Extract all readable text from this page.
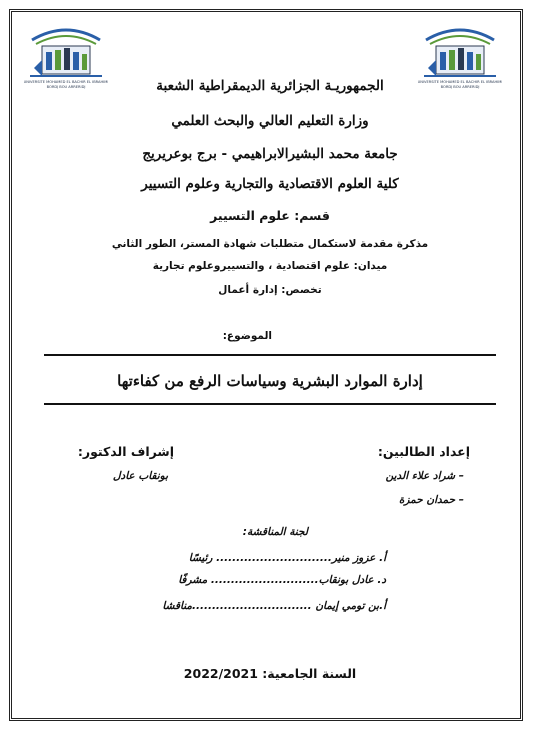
UNIVERSITE MOHAMED EL BACHIR EL IBRAHIMI
BORDJ BOU ARRERIDJ
UNIVERSITE MOHAMED EL BACHIR EL IBRAHIMI
BORDJ BOU ARRERIDJ
الجمهوريـة الجزائرية الديمقراطية الشعبة
وزارة التعليم العالي والبحث العلمي
جامعة محمد البشيرالابراهيمي - برج بوعريريج
كلية العلوم الاقتصادية والتجارية وعلوم التسيير
قسم: علوم التسيير
مذكرة مقدمة لاستكمال متطلبات شهادة المستر، الطور الثاني
ميدان: علوم اقتصادية ، والتسييروعلوم تجارية
تخصص: إدارة أعمال
الموضوع:
إدارة الموارد البشرية وسياسات الرفع من كفاءتها
إعداد الطالبين:
– شراد علاء الدين
– حمدان حمزة
إشراف الدكتور:
بونقاب عادل
لجنة المناقشة:
أ. عزوز منير............................. رئيسًا
د. عادل بونقاب........................... مشرفًا
أ.بن تومي إيمان ..............................مناقشا
السنة الجامعية: 2022/2021
